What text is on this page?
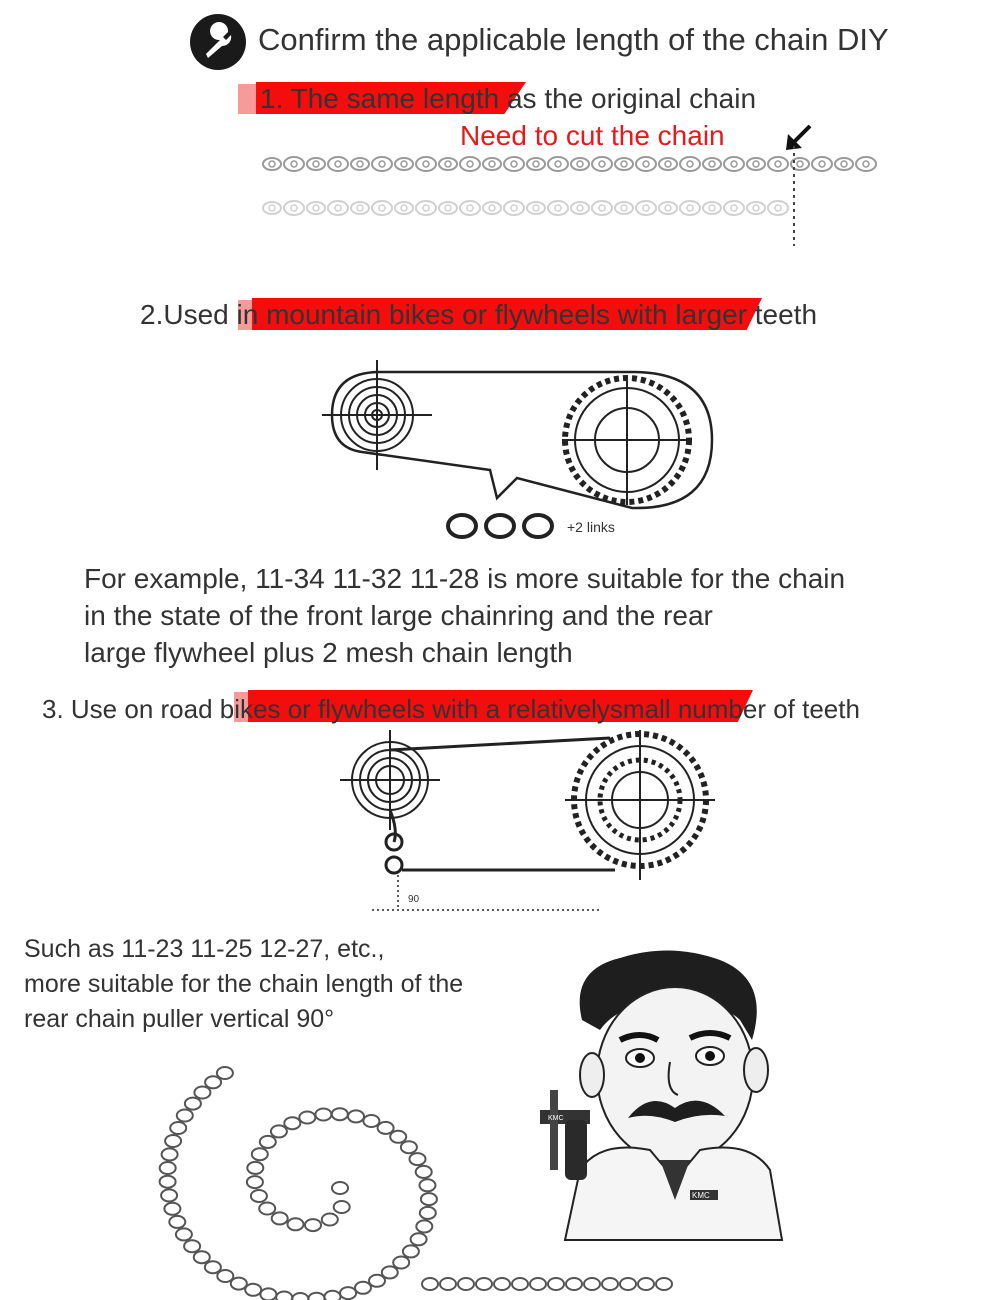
Confirm the applicable length of the chain DIY
1. The same length as the original chain
Need to cut the chain
2.Used in mountain bikes or flywheels with larger teeth
+2 links
For example, 11-34 11-32 11-28 is more suitable for the chain
in the state of the front large chainring and the rear
large flywheel plus 2 mesh chain length
3. Use on road bikes or flywheels with a relativelysmall number of teeth
90
Such as 11-23 11-25 12-27, etc.,
more suitable for the chain length of the
rear chain puller vertical 90°
KMC
KMC
